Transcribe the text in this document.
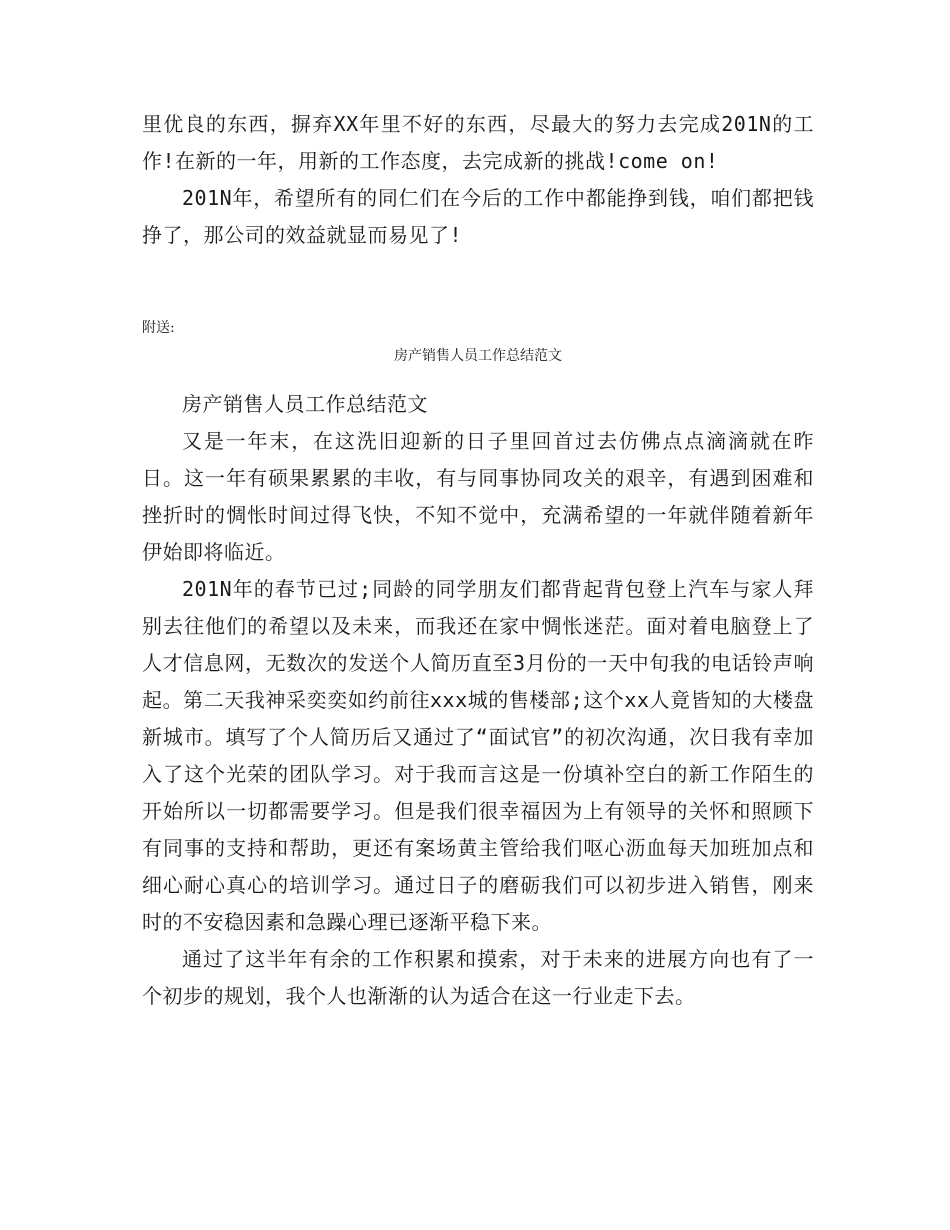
里优良的东西，摒弃XX年里不好的东西，尽最大的努力去完成201N的工作!在新的一年，用新的工作态度，去完成新的挑战!come on!

201N年，希望所有的同仁们在今后的工作中都能挣到钱，咱们都把钱挣了，那公司的效益就显而易见了!

附送:
房产销售人员工作总结范文

房产销售人员工作总结范文

又是一年末，在这洗旧迎新的日子里回首过去仿佛点点滴滴就在昨日。这一年有硕果累累的丰收，有与同事协同攻关的艰辛，有遇到困难和挫折时的惆怅时间过得飞快，不知不觉中，充满希望的一年就伴随着新年伊始即将临近。

201N年的春节已过;同龄的同学朋友们都背起背包登上汽车与家人拜别去往他们的希望以及未来，而我还在家中惆怅迷茫。面对着电脑登上了人才信息网，无数次的发送个人简历直至3月份的一天中旬我的电话铃声响起。第二天我神采奕奕如约前往xxx城的售楼部;这个xx人竟皆知的大楼盘新城市。填写了个人简历后又通过了“面试官”的初次沟通，次日我有幸加入了这个光荣的团队学习。对于我而言这是一份填补空白的新工作陌生的开始所以一切都需要学习。但是我们很幸福因为上有领导的关怀和照顾下有同事的支持和帮助，更还有案场黄主管给我们呕心沥血每天加班加点和细心耐心真心的培训学习。通过日子的磨砺我们可以初步进入销售，刚来时的不安稳因素和急躁心理已逐渐平稳下来。

通过了这半年有余的工作积累和摸索，对于未来的进展方向也有了一个初步的规划，我个人也渐渐的认为适合在这一行业走下去。
